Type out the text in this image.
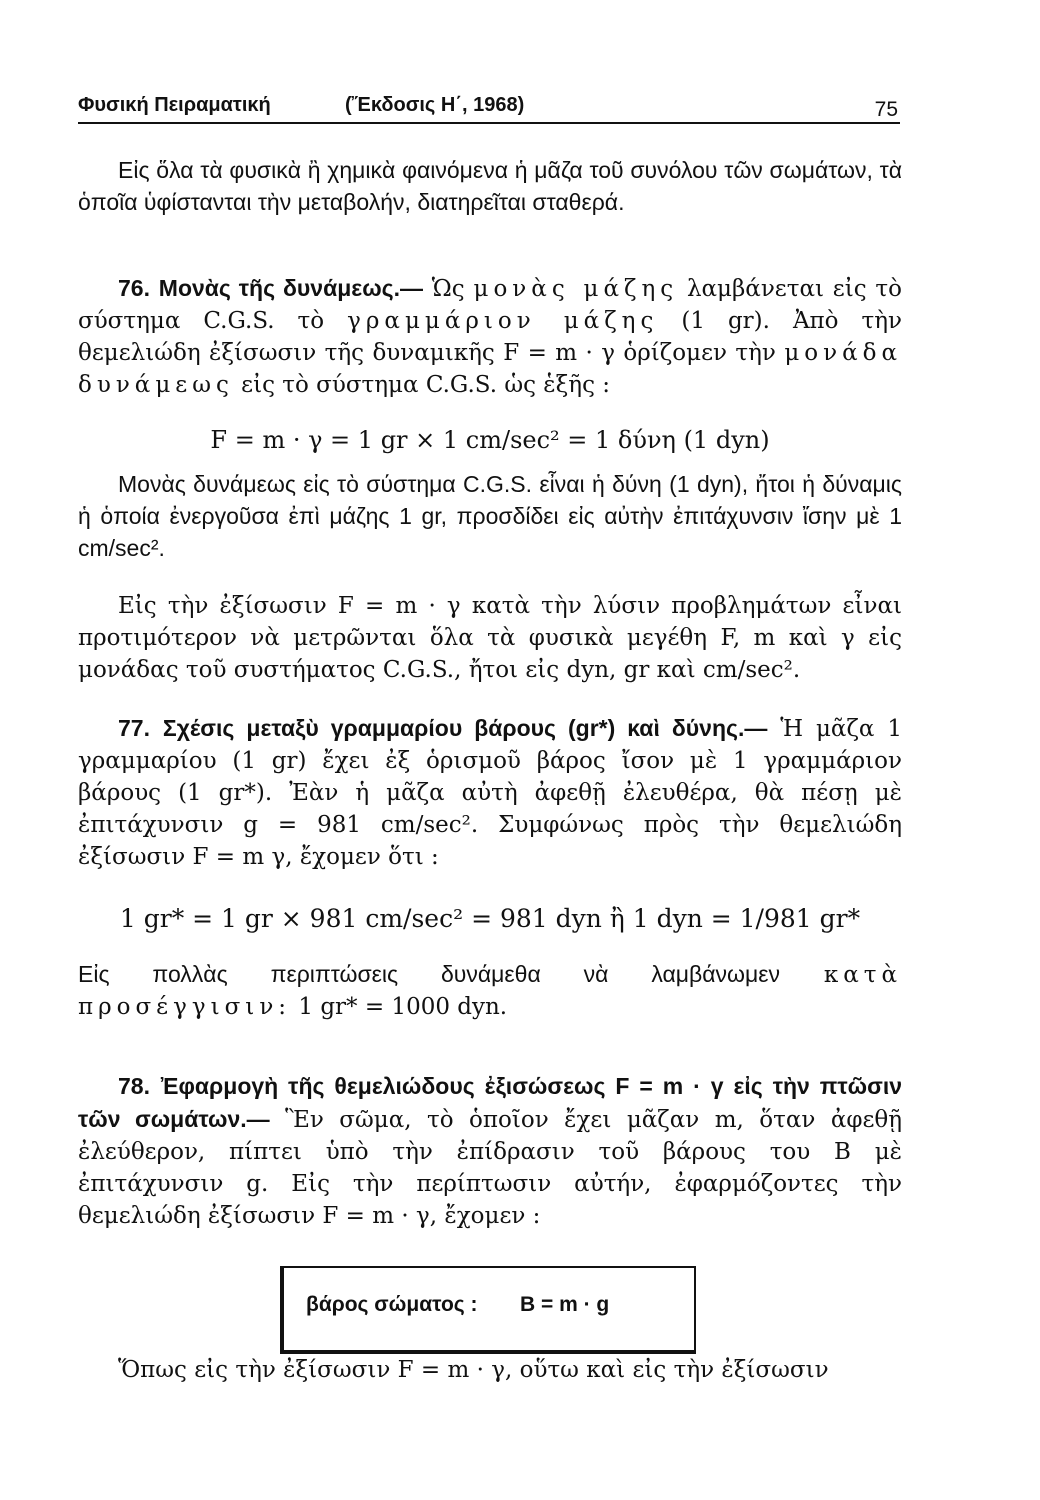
Φυσική Πειραματική	(Ἔκδοσις Η΄, 1968)	75

Εἰς ὅλα τὰ φυσικὰ ἢ χημικὰ φαινόμενα ἡ μᾶζα τοῦ συνόλου τῶν σωμάτων, τὰ ὁποῖα ὑφίστανται τὴν μεταβολήν, διατηρεῖται σταθερά.

76. Μονὰς τῆς δυνάμεως.— Ὡς μονὰς μάζης λαμβάνεται εἰς τὸ σύστημα C.G.S. τὸ γραμμάριον μάζης (1 gr). Ἀπὸ τὴν θεμελιώδη ἐξίσωσιν τῆς δυναμικῆς F = m · γ ὁρίζομεν τὴν μονάδα δυνάμεως εἰς τὸ σύστημα C.G.S. ὡς ἑξῆς :

F = m · γ = 1 gr × 1 cm/sec² = 1 δύνη (1 dyn)

Μονὰς δυνάμεως εἰς τὸ σύστημα C.G.S. εἶναι ἡ δύνη (1 dyn), ἤτοι ἡ δύναμις ἡ ὁποία ἐνεργοῦσα ἐπὶ μάζης 1 gr, προσδίδει εἰς αὐτὴν ἐπιτάχυνσιν ἴσην μὲ 1 cm/sec².

Εἰς τὴν ἐξίσωσιν F = m · γ κατὰ τὴν λύσιν προβλημάτων εἶναι προτιμότερον νὰ μετρῶνται ὅλα τὰ φυσικὰ μεγέθη F, m καὶ γ εἰς μονάδας τοῦ συστήματος C.G.S., ἤτοι εἰς dyn, gr καὶ cm/sec².

77. Σχέσις μεταξὺ γραμμαρίου βάρους (gr*) καὶ δύνης.— Ἡ μᾶζα 1 γραμμαρίου (1 gr) ἔχει ἐξ ὁρισμοῦ βάρος ἴσον μὲ 1 γραμμάριον βάρους (1 gr*). Ἐὰν ἡ μᾶζα αὐτὴ ἀφεθῇ ἐλευθέρα, θὰ πέσῃ μὲ ἐπιτάχυνσιν g = 981 cm/sec². Συμφώνως πρὸς τὴν θεμελιώδη ἐξίσωσιν F = m γ, ἔχομεν ὅτι :

1 gr* = 1 gr × 981 cm/sec² = 981 dyn ἢ 1 dyn = 1/981 gr*

Εἰς πολλὰς περιπτώσεις δυνάμεθα νὰ λαμβάνωμεν κατὰ προσέγγισιν: 1 gr* = 1000 dyn.

78. Ἐφαρμογὴ τῆς θεμελιώδους ἐξισώσεως F = m · γ εἰς τὴν πτῶσιν τῶν σωμάτων.— Ἓν σῶμα, τὸ ὁποῖον ἔχει μᾶζαν m, ὅταν ἀφεθῇ ἐλεύθερον, πίπτει ὑπὸ τὴν ἐπίδρασιν τοῦ βάρους του Β μὲ ἐπιτάχυνσιν g. Εἰς τὴν περίπτωσιν αὐτήν, ἐφαρμόζοντες τὴν θεμελιώδη ἐξίσωσιν F = m · γ, ἔχομεν :

βάρος σώματος : B = m · g

Ὅπως εἰς τὴν ἐξίσωσιν F = m · γ, οὕτω καὶ εἰς τὴν ἐξίσωσιν
